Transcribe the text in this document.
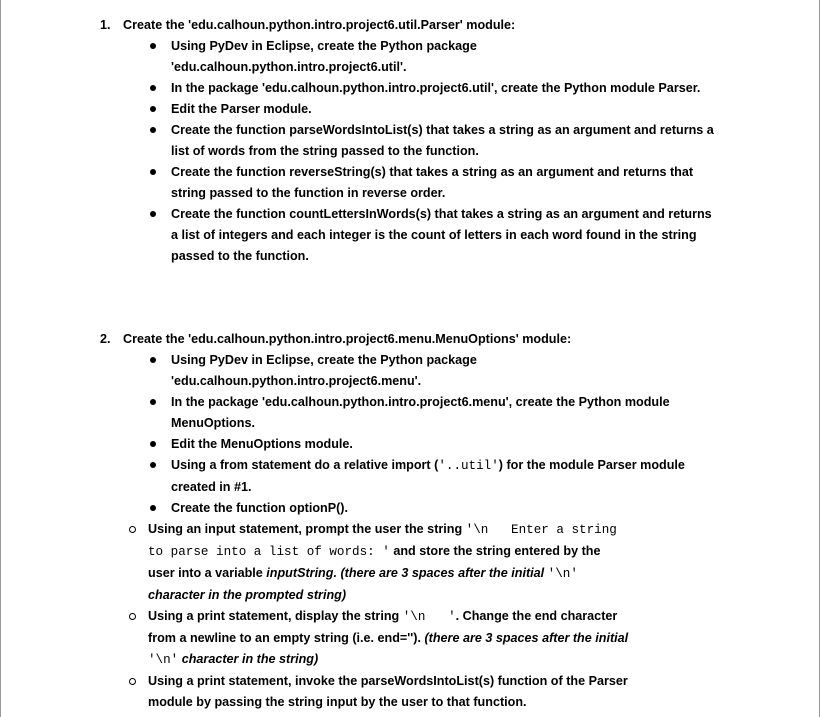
1. Create the 'edu.calhoun.python.intro.project6.util.Parser' module:
Using PyDev in Eclipse, create the Python package
'edu.calhoun.python.intro.project6.util'.
In the package 'edu.calhoun.python.intro.project6.util', create the Python module Parser.
Edit the Parser module.
Create the function parseWordsIntoList(s) that takes a string as an argument and returns a
list of words from the string passed to the function.
Create the function reverseString(s) that takes a string as an argument and returns that
string passed to the function in reverse order.
Create the function countLettersInWords(s) that takes a string as an argument and returns
a list of integers and each integer is the count of letters in each word found in the string
passed to the function.
2. Create the 'edu.calhoun.python.intro.project6.menu.MenuOptions' module:
Using PyDev in Eclipse, create the Python package
'edu.calhoun.python.intro.project6.menu'.
In the package 'edu.calhoun.python.intro.project6.menu', create the Python module
MenuOptions.
Edit the MenuOptions module.
Using a from statement do a relative import ('..util') for the module Parser module
created in #1.
Create the function optionP().
Using an input statement, prompt the user the string '\n   Enter a string
to parse into a list of words: ' and store the string entered by the
user into a variable inputString. (there are 3 spaces after the initial '\n'
character in the prompted string)
Using a print statement, display the string '\n   '. Change the end character
from a newline to an empty string (i.e. end=''). (there are 3 spaces after the initial
'\n' character in the string)
Using a print statement, invoke the parseWordsIntoList(s) function of the Parser
module by passing the string input by the user to that function.
